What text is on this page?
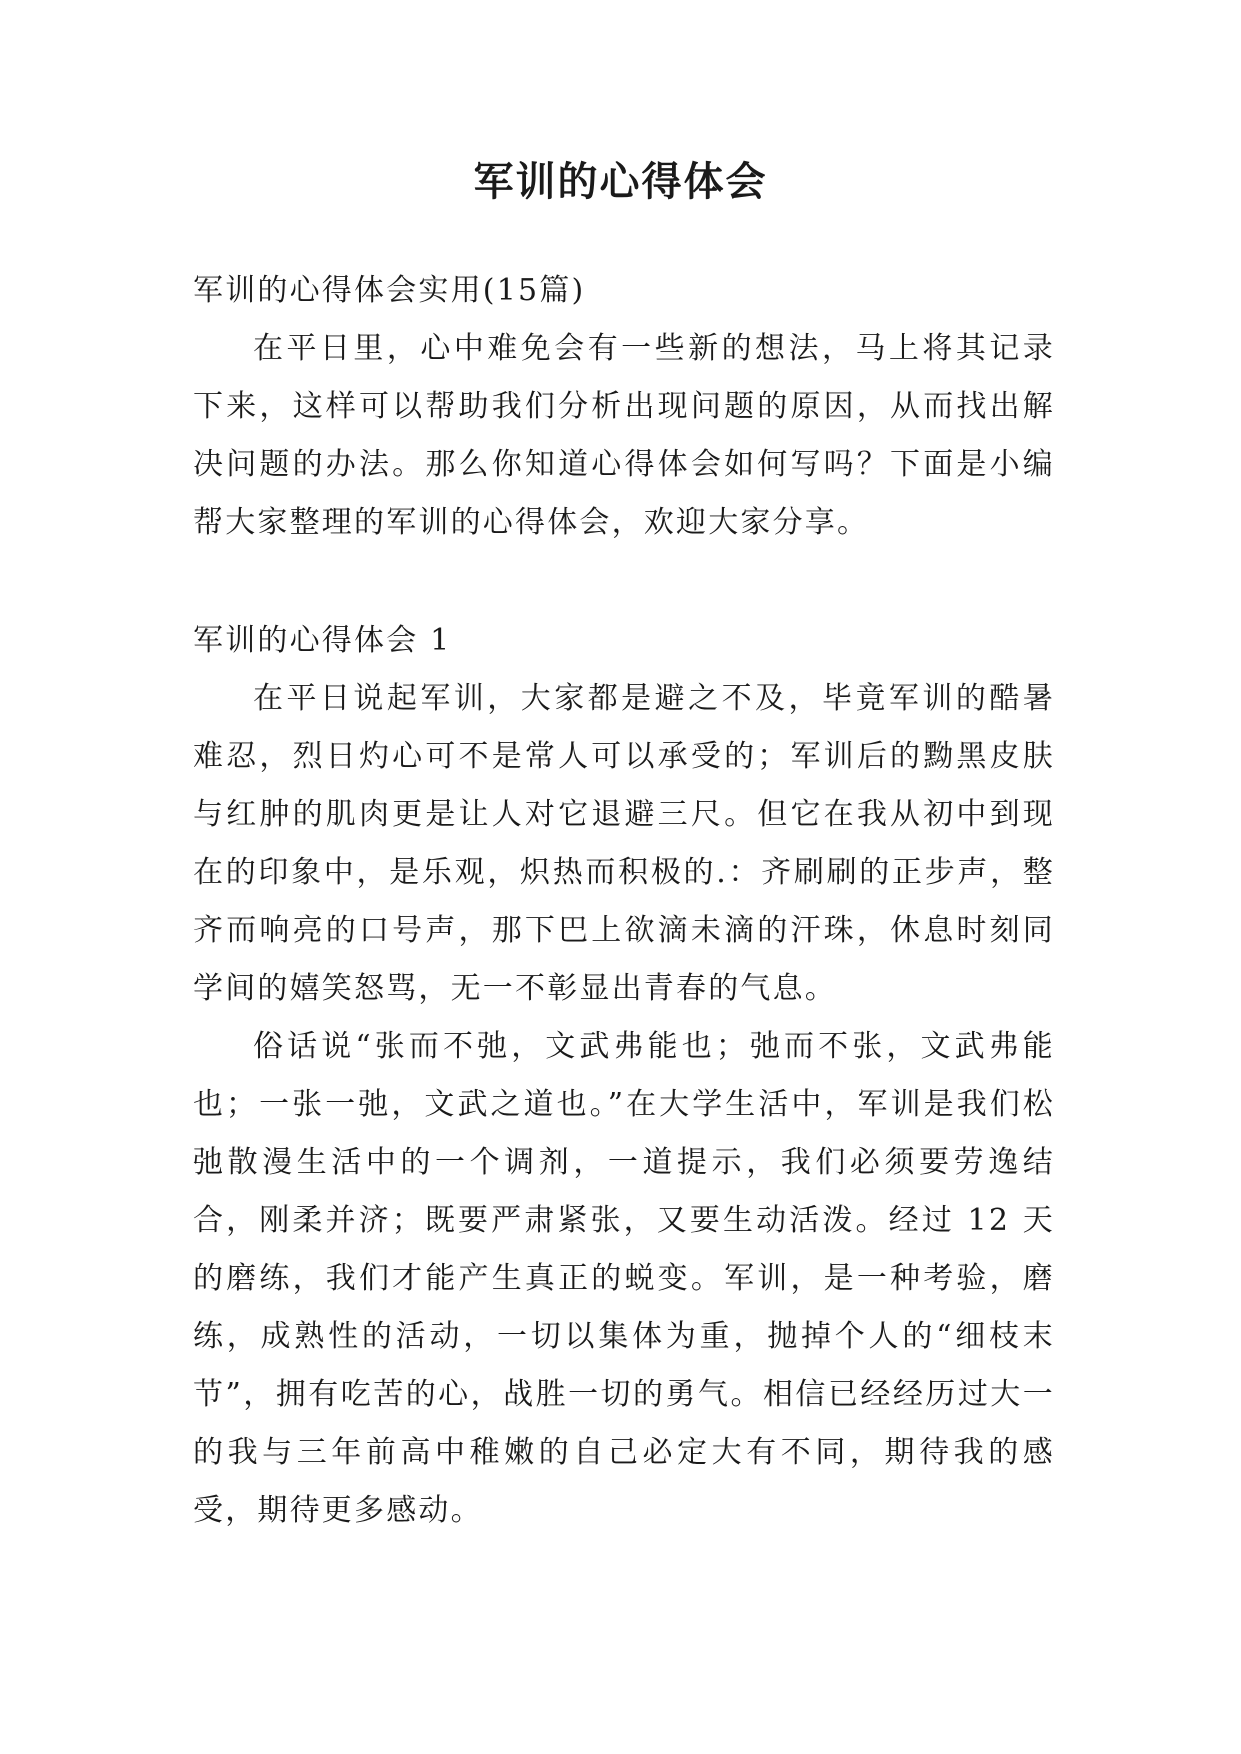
军训的心得体会

军训的心得体会实用(15篇)

在平日里，心中难免会有一些新的想法，马上将其记录下来，这样可以帮助我们分析出现问题的原因，从而找出解决问题的办法。那么你知道心得体会如何写吗？下面是小编帮大家整理的军训的心得体会，欢迎大家分享。

军训的心得体会 1

在平日说起军训，大家都是避之不及，毕竟军训的酷暑难忍，烈日灼心可不是常人可以承受的；军训后的黝黑皮肤与红肿的肌肉更是让人对它退避三尺。但它在我从初中到现在的印象中，是乐观，炽热而积极的.：齐刷刷的正步声，整齐而响亮的口号声，那下巴上欲滴未滴的汗珠，休息时刻同学间的嬉笑怒骂，无一不彰显出青春的气息。

俗话说“张而不弛，文武弗能也；弛而不张，文武弗能也；一张一弛，文武之道也。”在大学生活中，军训是我们松弛散漫生活中的一个调剂，一道提示，我们必须要劳逸结合，刚柔并济；既要严肃紧张，又要生动活泼。经过 12 天的磨练，我们才能产生真正的蜕变。军训，是一种考验，磨练，成熟性的活动，一切以集体为重，抛掉个人的“细枝末节”，拥有吃苦的心，战胜一切的勇气。相信已经经历过大一的我与三年前高中稚嫩的自己必定大有不同，期待我的感受，期待更多感动。
